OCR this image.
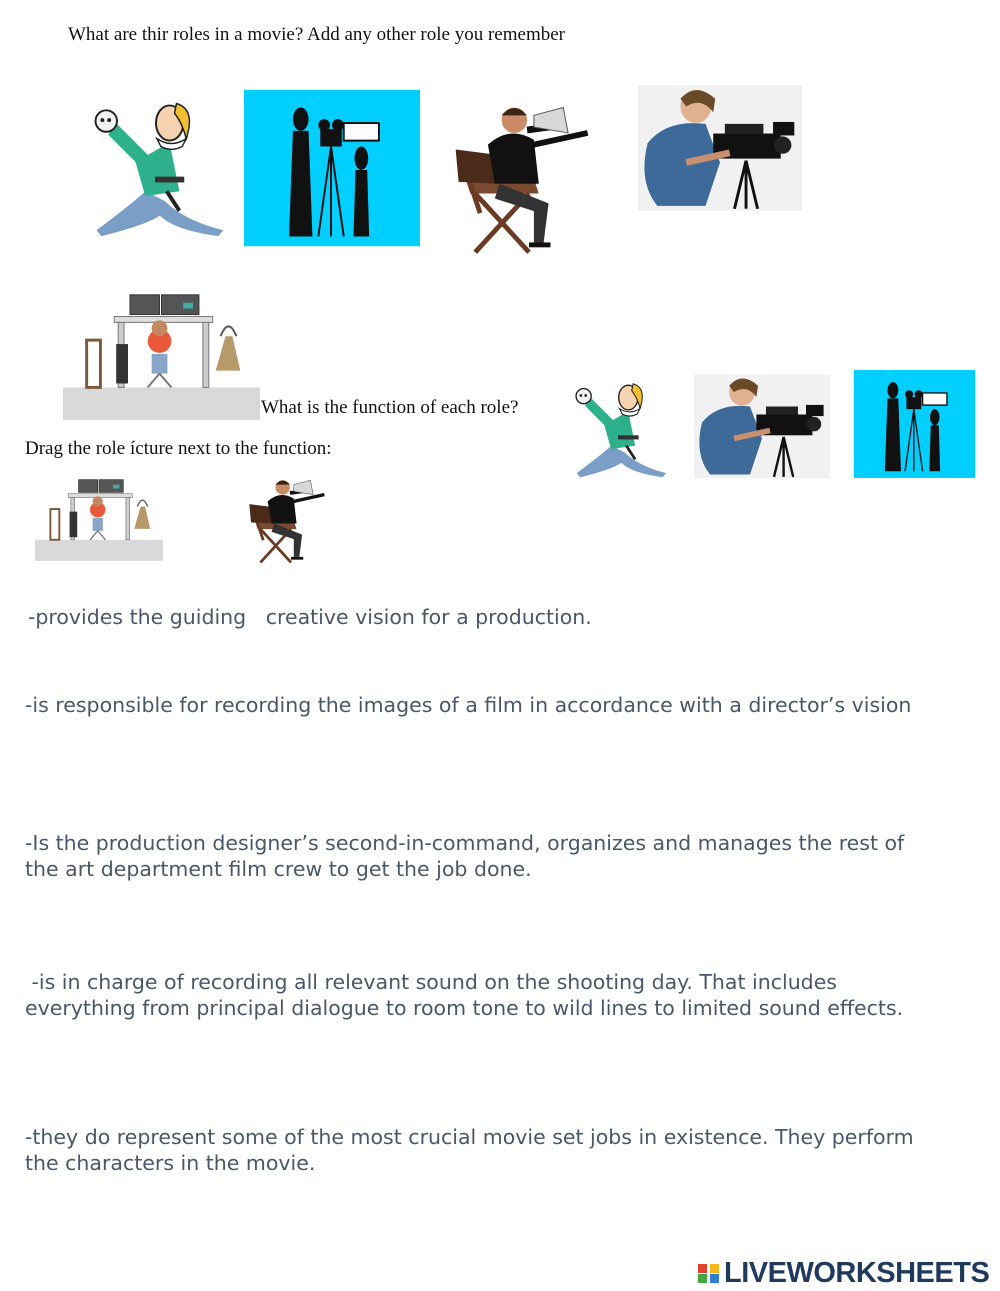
What are thir roles in a movie? Add any other role you remember
What is the function of each role?
Drag the role ícture next to the function:
-provides the guiding   creative vision for a production.
-is responsible for recording the images of a film in accordance with a director’s vision
-Is the production designer’s second-in-command, organizes and manages the rest of
the art department film crew to get the job done.
-is in charge of recording all relevant sound on the shooting day. That includes
everything from principal dialogue to room tone to wild lines to limited sound effects.
-they do represent some of the most crucial movie set jobs in existence. They perform
the characters in the movie.
LIVEWORKSHEETS
